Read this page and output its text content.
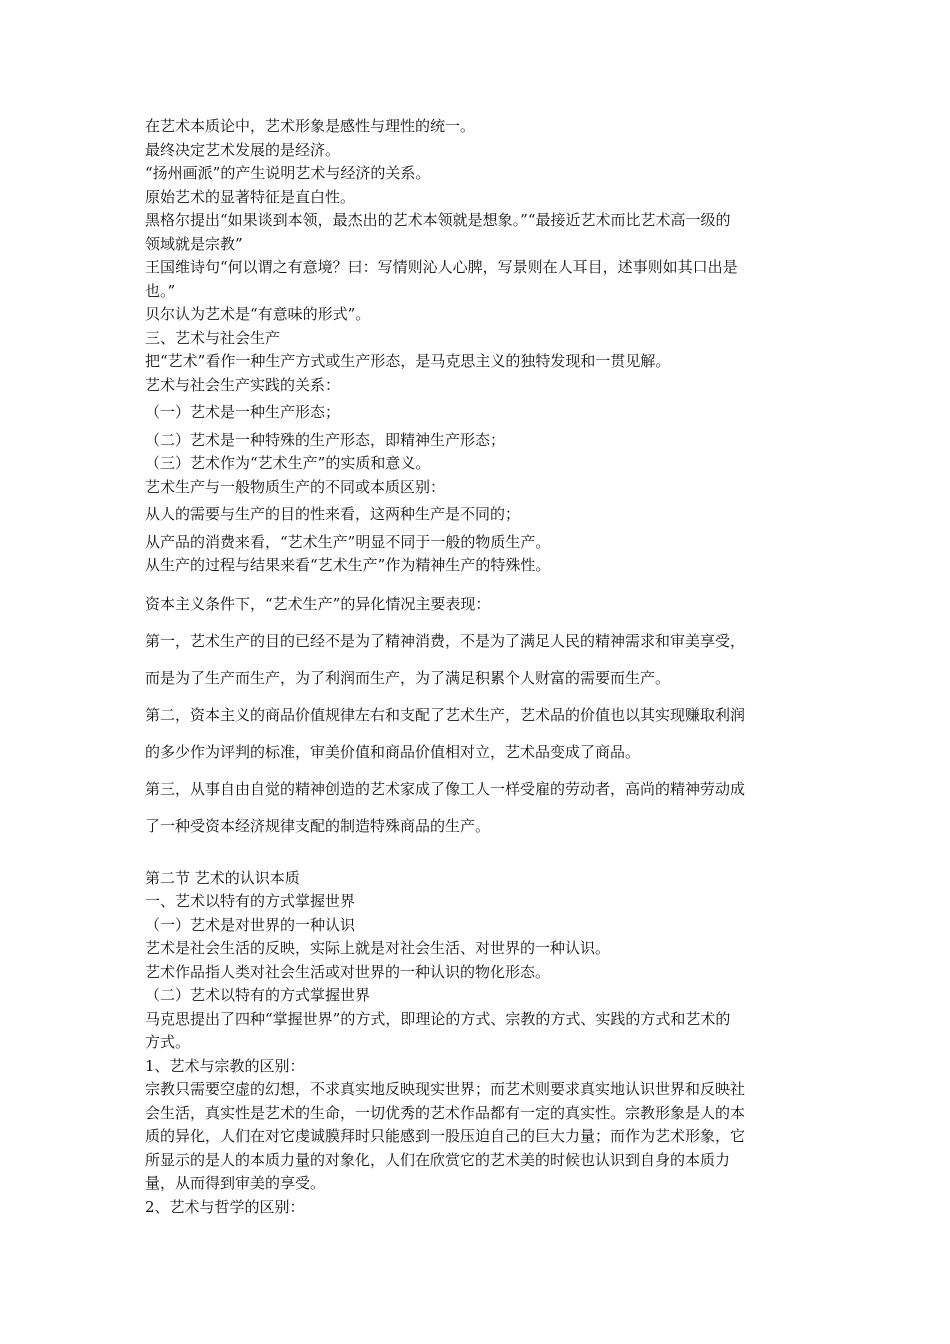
在艺术本质论中，艺术形象是感性与理性的统一。
最终决定艺术发展的是经济。
“扬州画派”的产生说明艺术与经济的关系。
原始艺术的显著特征是直白性。
黑格尔提出“如果谈到本领，最杰出的艺术本领就是想象。”“最接近艺术而比艺术高一级的
领域就是宗教”
王国维诗句“何以谓之有意境？曰：写情则沁人心脾，写景则在人耳目，述事则如其口出是
也。”
贝尔认为艺术是“有意味的形式”。
三、艺术与社会生产
把“艺术”看作一种生产方式或生产形态，是马克思主义的独特发现和一贯见解。
艺术与社会生产实践的关系：
（一）艺术是一种生产形态；
（二）艺术是一种特殊的生产形态，即精神生产形态；
（三）艺术作为“艺术生产”的实质和意义。
艺术生产与一般物质生产的不同或本质区别：
从人的需要与生产的目的性来看，这两种生产是不同的；
从产品的消费来看，“艺术生产”明显不同于一般的物质生产。
从生产的过程与结果来看“艺术生产”作为精神生产的特殊性。
资本主义条件下，“艺术生产”的异化情况主要表现：
第一，艺术生产的目的已经不是为了精神消费，不是为了满足人民的精神需求和审美享受，
而是为了生产而生产，为了利润而生产，为了满足积累个人财富的需要而生产。
第二，资本主义的商品价值规律左右和支配了艺术生产，艺术品的价值也以其实现赚取利润
的多少作为评判的标准，审美价值和商品价值相对立，艺术品变成了商品。
第三，从事自由自觉的精神创造的艺术家成了像工人一样受雇的劳动者，高尚的精神劳动成
了一种受资本经济规律支配的制造特殊商品的生产。
第二节 艺术的认识本质
一、艺术以特有的方式掌握世界
（一）艺术是对世界的一种认识
艺术是社会生活的反映，实际上就是对社会生活、对世界的一种认识。
艺术作品指人类对社会生活或对世界的一种认识的物化形态。
（二）艺术以特有的方式掌握世界
马克思提出了四种“掌握世界”的方式，即理论的方式、宗教的方式、实践的方式和艺术的
方式。
1、艺术与宗教的区别：
宗教只需要空虚的幻想，不求真实地反映现实世界；而艺术则要求真实地认识世界和反映社
会生活，真实性是艺术的生命，一切优秀的艺术作品都有一定的真实性。宗教形象是人的本
质的异化，人们在对它虔诚膜拜时只能感到一股压迫自己的巨大力量；而作为艺术形象，它
所显示的是人的本质力量的对象化，人们在欣赏它的艺术美的时候也认识到自身的本质力
量，从而得到审美的享受。
2、艺术与哲学的区别：
